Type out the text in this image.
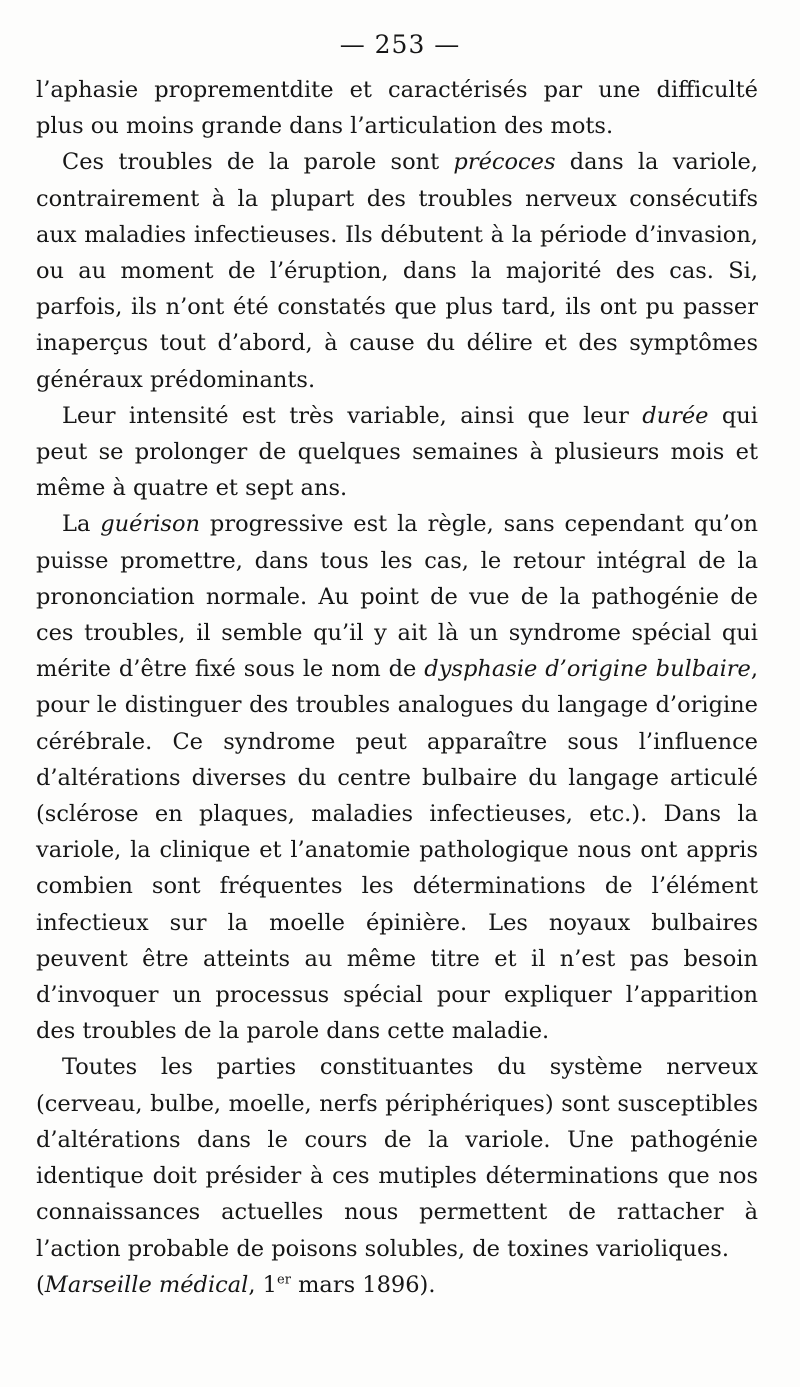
— 253 —

l’aphasie proprementdite et caractérisés par une difficulté plus ou moins grande dans l’articulation des mots.

Ces troubles de la parole sont précoces dans la variole, contrairement à la plupart des troubles nerveux consécutifs aux maladies infectieuses. Ils débutent à la période d’invasion, ou au moment de l’éruption, dans la majorité des cas. Si, parfois, ils n’ont été constatés que plus tard, ils ont pu passer inaperçus tout d’abord, à cause du délire et des symptômes généraux prédominants.

Leur intensité est très variable, ainsi que leur durée qui peut se prolonger de quelques semaines à plusieurs mois et même à quatre et sept ans.

La guérison progressive est la règle, sans cependant qu’on puisse promettre, dans tous les cas, le retour intégral de la prononciation normale. Au point de vue de la pathogénie de ces troubles, il semble qu’il y ait là un syndrome spécial qui mérite d’être fixé sous le nom de dysphasie d’origine bulbaire, pour le distinguer des troubles analogues du langage d’origine cérébrale. Ce syndrome peut apparaître sous l’influence d’altérations diverses du centre bulbaire du langage articulé (sclérose en plaques, maladies infectieuses, etc.). Dans la variole, la clinique et l’anatomie pathologique nous ont appris combien sont fréquentes les déterminations de l’élément infectieux sur la moelle épinière. Les noyaux bulbaires peuvent être atteints au même titre et il n’est pas besoin d’invoquer un processus spécial pour expliquer l’apparition des troubles de la parole dans cette maladie.

Toutes les parties constituantes du système nerveux (cerveau, bulbe, moelle, nerfs périphériques) sont susceptibles d’altérations dans le cours de la variole. Une pathogénie identique doit présider à ces mutiples déterminations que nos connaissances actuelles nous permettent de rattacher à l’action probable de poisons solubles, de toxines varioliques.

(Marseille médical, 1er mars 1896).
